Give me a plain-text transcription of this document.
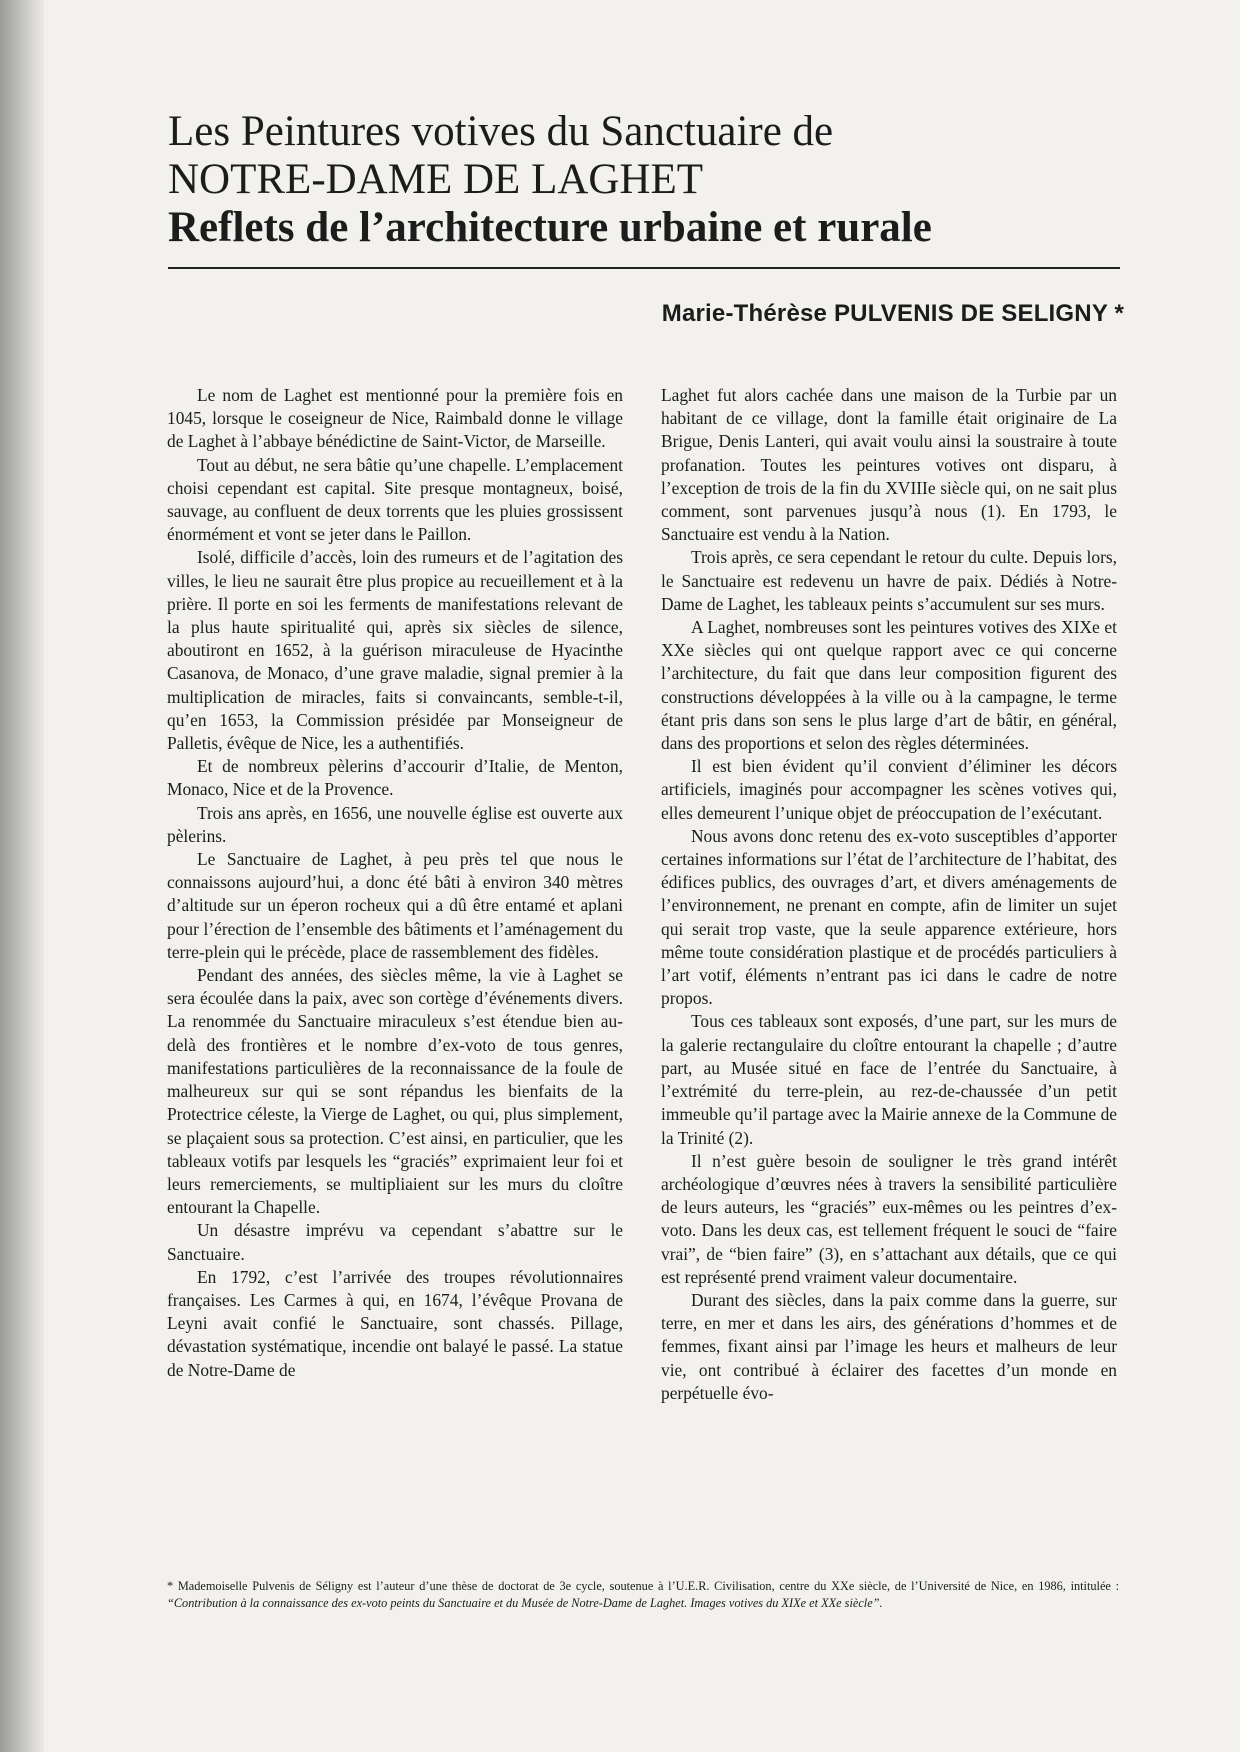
Les Peintures votives du Sanctuaire de
NOTRE-DAME DE LAGHET
Reflets de l’architecture urbaine et rurale
Marie-Thérèse PULVENIS DE SELIGNY *

Le nom de Laghet est mentionné pour la première fois en 1045, lorsque le coseigneur de Nice, Raimbald donne le village de Laghet à l’abbaye bénédictine de Saint-Victor, de Marseille.

Tout au début, ne sera bâtie qu’une chapelle. L’emplacement choisi cependant est capital. Site presque montagneux, boisé, sauvage, au confluent de deux torrents que les pluies grossissent énormément et vont se jeter dans le Paillon.

Isolé, difficile d’accès, loin des rumeurs et de l’agitation des villes, le lieu ne saurait être plus propice au recueillement et à la prière. Il porte en soi les ferments de manifestations relevant de la plus haute spiritualité qui, après six siècles de silence, aboutiront en 1652, à la guérison miraculeuse de Hyacinthe Casanova, de Monaco, d’une grave maladie, signal premier à la multiplication de miracles, faits si convaincants, semble-t-il, qu’en 1653, la Commission présidée par Monseigneur de Palletis, évêque de Nice, les a authentifiés.

Et de nombreux pèlerins d’accourir d’Italie, de Menton, Monaco, Nice et de la Provence.

Trois ans après, en 1656, une nouvelle église est ouverte aux pèlerins.

Le Sanctuaire de Laghet, à peu près tel que nous le connaissons aujourd’hui, a donc été bâti à environ 340 mètres d’altitude sur un éperon rocheux qui a dû être entamé et aplani pour l’érection de l’ensemble des bâtiments et l’aménagement du terre-plein qui le précède, place de rassemblement des fidèles.

Pendant des années, des siècles même, la vie à Laghet se sera écoulée dans la paix, avec son cortège d’événements divers. La renommée du Sanctuaire miraculeux s’est étendue bien au-delà des frontières et le nombre d’ex-voto de tous genres, manifestations particulières de la reconnaissance de la foule de malheureux sur qui se sont répandus les bienfaits de la Protectrice céleste, la Vierge de Laghet, ou qui, plus simplement, se plaçaient sous sa protection. C’est ainsi, en particulier, que les tableaux votifs par lesquels les “graciés” exprimaient leur foi et leurs remerciements, se multipliaient sur les murs du cloître entourant la Chapelle.

Un désastre imprévu va cependant s’abattre sur le Sanctuaire.

En 1792, c’est l’arrivée des troupes révolutionnaires françaises. Les Carmes à qui, en 1674, l’évêque Provana de Leyni avait confié le Sanctuaire, sont chassés. Pillage, dévastation systématique, incendie ont balayé le passé. La statue de Notre-Dame de

Laghet fut alors cachée dans une maison de la Turbie par un habitant de ce village, dont la famille était originaire de La Brigue, Denis Lanteri, qui avait voulu ainsi la soustraire à toute profanation. Toutes les peintures votives ont disparu, à l’exception de trois de la fin du XVIIIe siècle qui, on ne sait plus comment, sont parvenues jusqu’à nous (1). En 1793, le Sanctuaire est vendu à la Nation.

Trois après, ce sera cependant le retour du culte. Depuis lors, le Sanctuaire est redevenu un havre de paix. Dédiés à Notre-Dame de Laghet, les tableaux peints s’accumulent sur ses murs.

A Laghet, nombreuses sont les peintures votives des XIXe et XXe siècles qui ont quelque rapport avec ce qui concerne l’architecture, du fait que dans leur composition figurent des constructions développées à la ville ou à la campagne, le terme étant pris dans son sens le plus large d’art de bâtir, en général, dans des proportions et selon des règles déterminées.

Il est bien évident qu’il convient d’éliminer les décors artificiels, imaginés pour accompagner les scènes votives qui, elles demeurent l’unique objet de préoccupation de l’exécutant.

Nous avons donc retenu des ex-voto susceptibles d’apporter certaines informations sur l’état de l’architecture de l’habitat, des édifices publics, des ouvrages d’art, et divers aménagements de l’environnement, ne prenant en compte, afin de limiter un sujet qui serait trop vaste, que la seule apparence extérieure, hors même toute considération plastique et de procédés particuliers à l’art votif, éléments n’entrant pas ici dans le cadre de notre propos.

Tous ces tableaux sont exposés, d’une part, sur les murs de la galerie rectangulaire du cloître entourant la chapelle ; d’autre part, au Musée situé en face de l’entrée du Sanctuaire, à l’extrémité du terre-plein, au rez-de-chaussée d’un petit immeuble qu’il partage avec la Mairie annexe de la Commune de la Trinité (2).

Il n’est guère besoin de souligner le très grand intérêt archéologique d’œuvres nées à travers la sensibilité particulière de leurs auteurs, les “graciés” eux-mêmes ou les peintres d’ex-voto. Dans les deux cas, est tellement fréquent le souci de “faire vrai”, de “bien faire” (3), en s’attachant aux détails, que ce qui est représenté prend vraiment valeur documentaire.

Durant des siècles, dans la paix comme dans la guerre, sur terre, en mer et dans les airs, des générations d’hommes et de femmes, fixant ainsi par l’image les heurs et malheurs de leur vie, ont contribué à éclairer des facettes d’un monde en perpétuelle évo-

* Mademoiselle Pulvenis de Séligny est l’auteur d’une thèse de doctorat de 3e cycle, soutenue à l’U.E.R. Civilisation, centre du XXe siècle, de l’Université de Nice, en 1986, intitulée : “Contribution à la connaissance des ex-voto peints du Sanctuaire et du Musée de Notre-Dame de Laghet. Images votives du XIXe et XXe siècle”.
